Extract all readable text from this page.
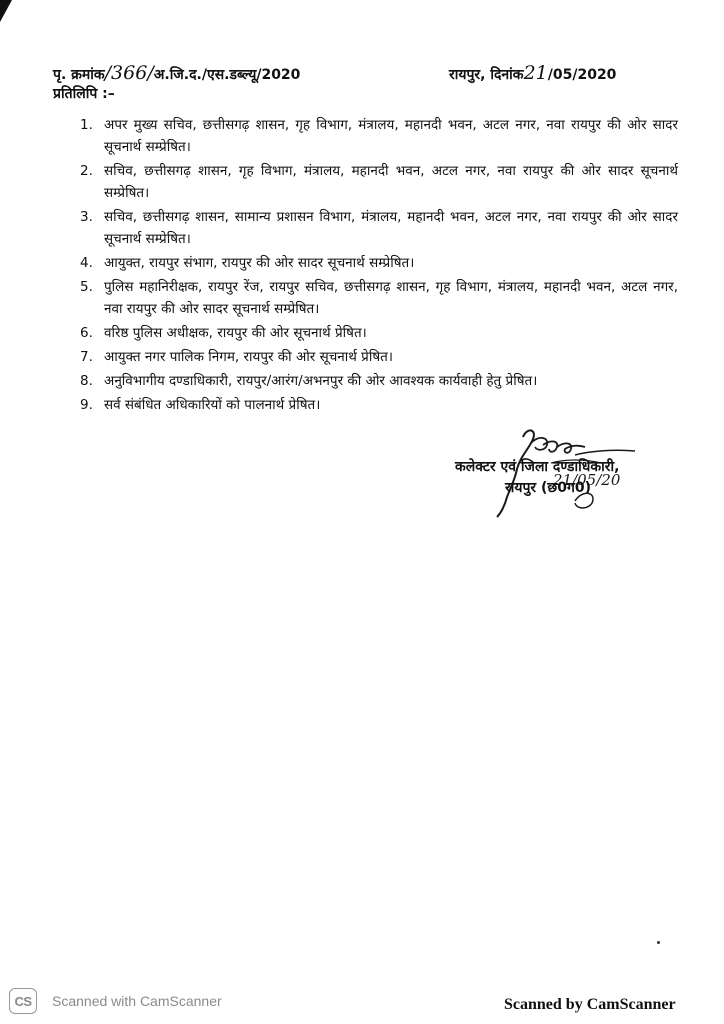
पृ. क्रमांक/366/अ.जि.द./एस.डब्ल्यू/2020
प्रतिलिपि :–
रायपुर, दिनांक21/05/2020
1. अपर मुख्य सचिव, छत्तीसगढ़ शासन, गृह विभाग, मंत्रालय, महानदी भवन, अटल नगर, नवा रायपुर की ओर सादर सूचनार्थ सम्प्रेषित।
2. सचिव, छत्तीसगढ़ शासन, गृह विभाग, मंत्रालय, महानदी भवन, अटल नगर, नवा रायपुर की ओर सादर सूचनार्थ सम्प्रेषित।
3. सचिव, छत्तीसगढ़ शासन, सामान्य प्रशासन विभाग, मंत्रालय, महानदी भवन, अटल नगर, नवा रायपुर की ओर सादर सूचनार्थ सम्प्रेषित।
4. आयुक्त, रायपुर संभाग, रायपुर की ओर सादर सूचनार्थ सम्प्रेषित।
5. पुलिस महानिरीक्षक, रायपुर रेंज, रायपुर सचिव, छत्तीसगढ़ शासन, गृह विभाग, मंत्रालय, महानदी भवन, अटल नगर, नवा रायपुर की ओर सादर सूचनार्थ सम्प्रेषित।
6. वरिष्ठ पुलिस अधीक्षक, रायपुर की ओर सूचनार्थ प्रेषित।
7. आयुक्त नगर पालिक निगम, रायपुर की ओर सूचनार्थ प्रेषित।
8. अनुविभागीय दण्डाधिकारी, रायपुर/आरंग/अभनपुर की ओर आवश्यक कार्यवाही हेतु प्रेषित।
9. सर्व संबंधित अधिकारियों को पालनार्थ प्रेषित।
21/05/20
कलेक्टर एवं जिला दण्डाधिकारी,
रायपुर (छ0ग0)
CS	Scanned with CamScanner	Scanned by CamScanner
